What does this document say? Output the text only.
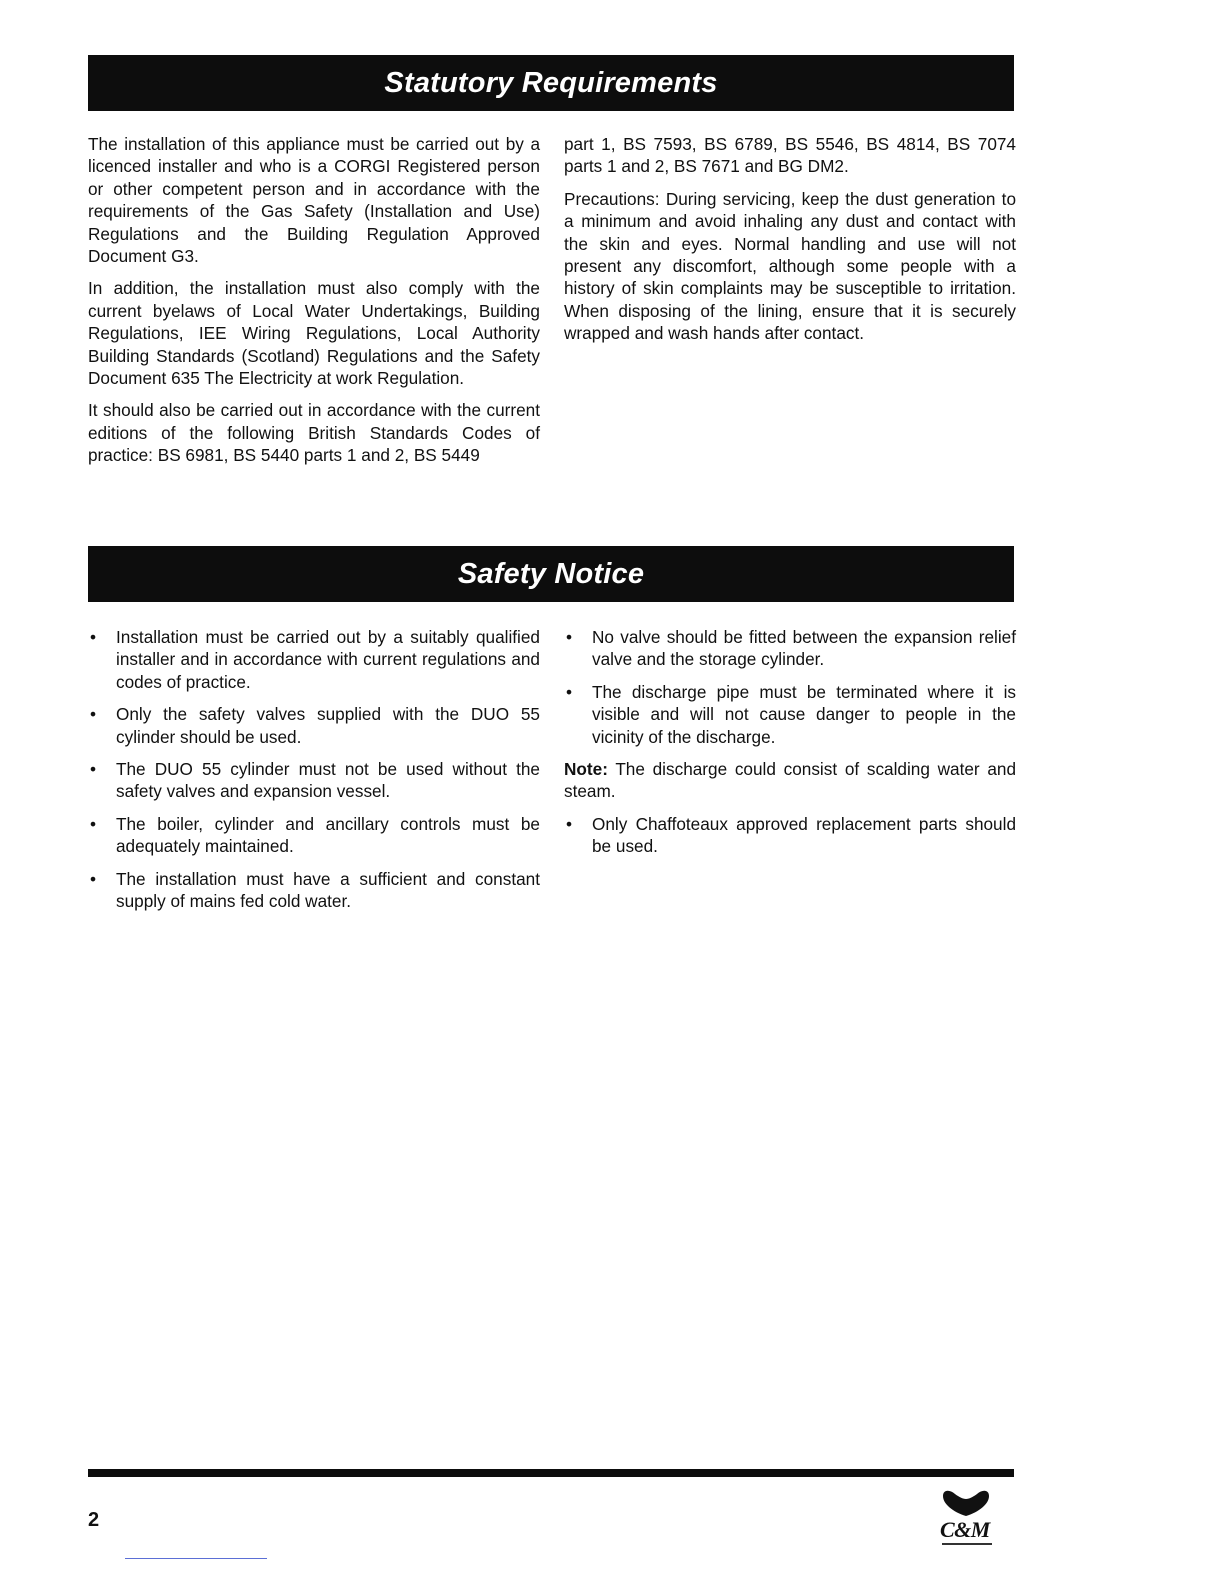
Statutory Requirements

The installation of this appliance must be carried out by a licenced installer and who is a CORGI Registered person or other competent person and in accordance with the requirements of the Gas Safety (Installation and Use) Regulations and the Building Regulation Approved Document G3.

In addition, the installation must also comply with the current byelaws of Local Water Undertakings, Building Regulations, IEE Wiring Regulations, Local Authority Building Standards (Scotland) Regulations and the Safety Document 635 The Electricity at work Regulation.

It should also be carried out in accordance with the current editions of the following British Standards Codes of practice: BS 6981, BS 5440 parts 1 and 2, BS 5449

part 1, BS 7593, BS 6789, BS 5546, BS 4814, BS 7074 parts 1 and 2, BS 7671 and BG DM2.

Precautions: During servicing, keep the dust generation to a minimum and avoid inhaling any dust and contact with the skin and eyes. Normal handling and use will not present any discomfort, although some people with a history of skin complaints may be susceptible to irritation. When disposing of the lining, ensure that it is securely wrapped and wash hands after contact.

Safety Notice
• Installation must be carried out by a suitably qualified installer and in accordance with current regulations and codes of practice.
• Only the safety valves supplied with the DUO 55 cylinder should be used.
• The DUO 55 cylinder must not be used without the safety valves and expansion vessel.
• The boiler, cylinder and ancillary controls must be adequately maintained.
• The installation must have a sufficient and constant supply of mains fed cold water.
• No valve should be fitted between the expansion relief valve and the storage cylinder.
• The discharge pipe must be terminated where it is visible and will not cause danger to people in the vicinity of the discharge.

Note: The discharge could consist of scalding water and steam.

• Only Chaffoteaux approved replacement parts should be used.
2	C&M
